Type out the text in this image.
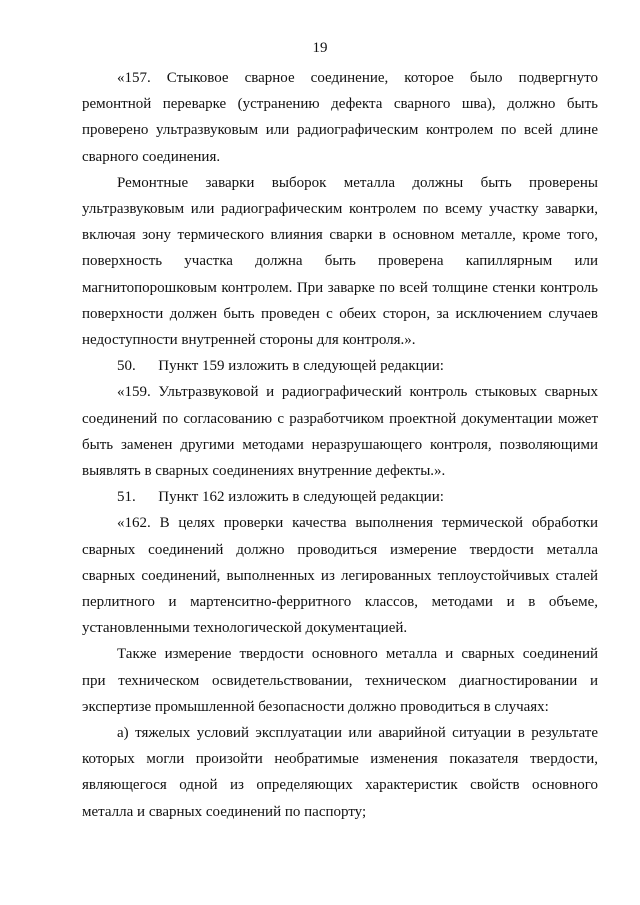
19

«157. Стыковое сварное соединение, которое было подвергнуто
ремонтной переварке (устранению дефекта сварного шва), должно быть
проверено ультразвуковым или радиографическим контролем по всей длине
сварного соединения.

Ремонтные заварки выборок металла должны быть проверены
ультразвуковым или радиографическим контролем по всему участку заварки,
включая зону термического влияния сварки в основном металле, кроме того,
поверхность участка должна быть проверена капиллярным или
магнитопорошковым контролем. При заварке по всей толщине стенки контроль
поверхности должен быть проведен с обеих сторон, за исключением случаев
недоступности внутренней стороны для контроля.».

50.      Пункт 159 изложить в следующей редакции:

«159. Ультразвуковой и радиографический контроль стыковых сварных
соединений по согласованию с разработчиком проектной документации может
быть заменен другими методами неразрушающего контроля, позволяющими
выявлять в сварных соединениях внутренние дефекты.».

51.      Пункт 162 изложить в следующей редакции:

«162. В целях проверки качества выполнения термической обработки
сварных соединений должно проводиться измерение твердости металла
сварных соединений, выполненных из легированных теплоустойчивых сталей
перлитного и мартенситно-ферритного классов, методами и в объеме,
установленными технологической документацией.

Также измерение твердости основного металла и сварных соединений
при техническом освидетельствовании, техническом диагностировании и
экспертизе промышленной безопасности должно проводиться в случаях:

а) тяжелых условий эксплуатации или аварийной ситуации в результате
которых могли произойти необратимые изменения показателя твердости,
являющегося одной из определяющих характеристик свойств основного
металла и сварных соединений по паспорту;
